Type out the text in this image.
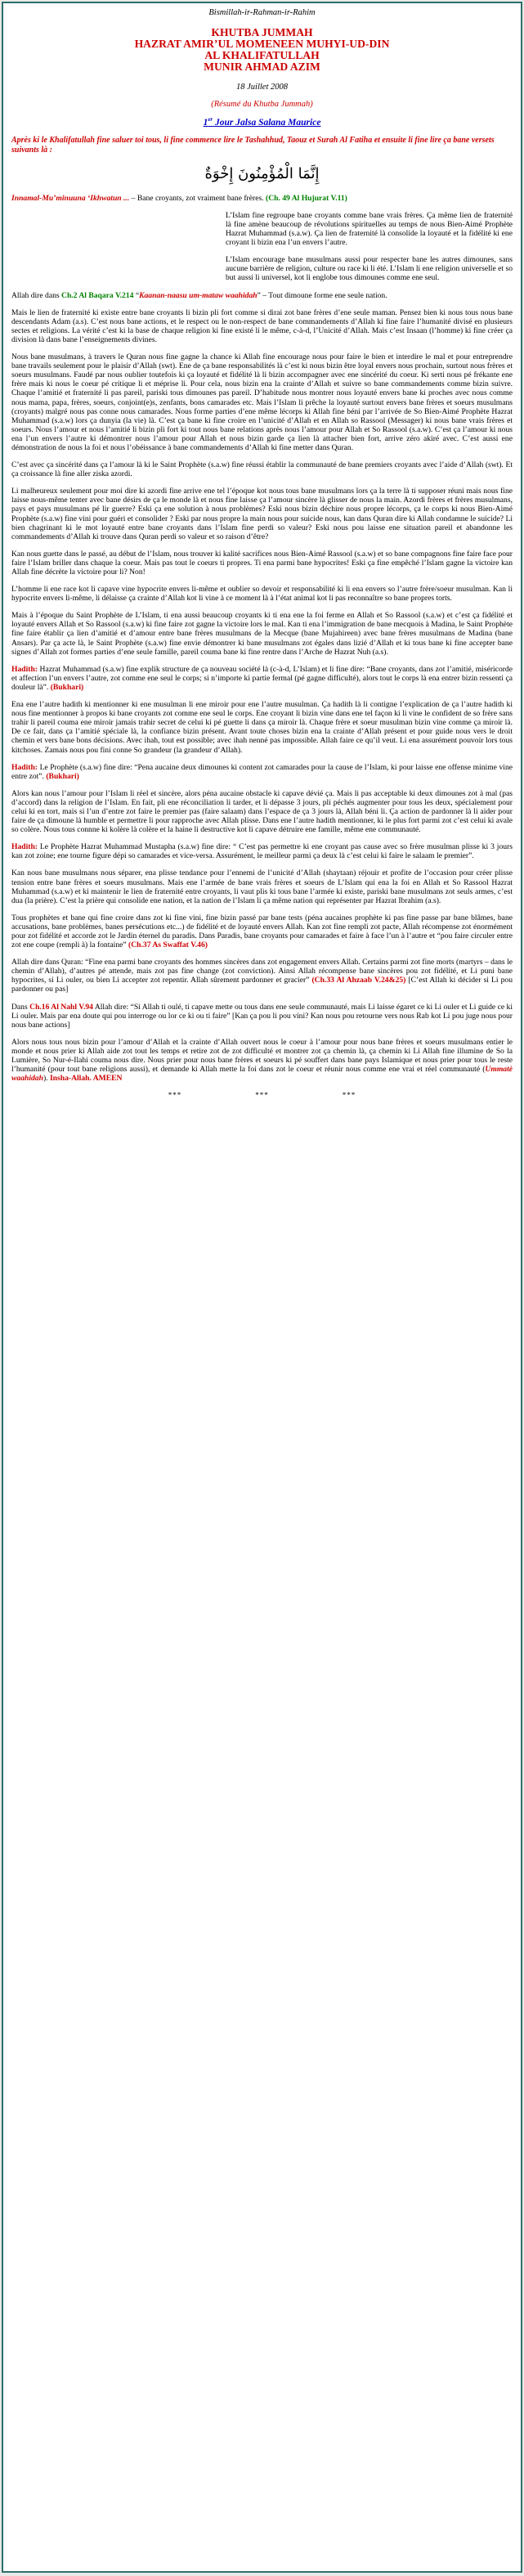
Bismillah-ir-Rahman-ir-Rahim
KHUTBA JUMMAH
HAZRAT AMIR’UL MOMENEEN MUHYI-UD-DIN
AL KHALIFATULLAH
MUNIR AHMAD AZIM
18 Juillet 2008
(Résumé du Khutba Jummah)
1er Jour Jalsa Salana Maurice
Après ki le Khalifatullah fine saluer toi tous, li fine commence lire le Tashahhud, Taouz et Surah Al Fatiha et ensuite li fine lire ça bane versets suivants là :
إِنَّمَا الْمُؤْمِنُونَ إِخْوَةٌ

Innamal-Mu’minuuna ‘Ikhwatun ... – Bane croyants, zot vraiment bane frères. (Ch. 49 Al Hujurat V.11)

L’Islam fine regroupe bane croyants comme bane vrais frères. Ça même lien de fraternité là fine amène beaucoup de révolutions spirituelles au temps de nous Bien-Aimé Prophète Hazrat Muhammad (s.a.w). Ça lien de fraternité là consolide la loyauté et la fidélité ki ene croyant li bizin ena l’un envers l’autre.

L’Islam encourage bane musulmans aussi pour respecter bane les autres dimounes, sans aucune barrière de religion, culture ou race ki li été. L’Islam li ene religion universelle et so but aussi li universel, kot li englobe tous dimounes comme ene seul.

Allah dire dans Ch.2 Al Baqara V.214 “Kaanan-naasu um-mataw waahidah” – Tout dimoune forme ene seule nation.

Mais le lien de fraternité ki existe entre bane croyants li bizin pli fort comme si dirai zot bane frères d’ene seule maman. Pensez bien ki nous tous nous bane descendants Adam (a.s). C’est nous bane actions, et le respect ou le non-respect de bane commandements d’Allah ki fine faire l’humanité divisé en plusieurs sectes et religions. La vérité c’est ki la base de chaque religion ki fine existé li le même, c-à-d, l’Unicité d’Allah. Mais c’est Insaan (l’homme) ki fine créer ça division là dans bane l’enseignements divines.

Nous bane musulmans, à travers le Quran nous fine gagne la chance ki Allah fine encourage nous pour faire le bien et interdire le mal et pour entreprendre bane travails seulement pour le plaisir d’Allah (swt). Ene de ça bane responsabilités là c’est ki nous bizin être loyal envers nous prochain, surtout nous frères et soeurs musulmans. Faudé par nous oublier toutefois ki ça loyauté et fidélité là li bizin accompagner avec ene sincérité du coeur. Ki serti nous pé frékante ene frère mais ki nous le coeur pé critique li et méprise li. Pour cela, nous bizin ena la crainte d’Allah et suivre so bane commandements comme bizin suivre. Chaque l’amitié et fraternité li pas pareil, pariski tous dimounes pas pareil. D’habitude nous montrer nous loyauté envers bane ki proches avec nous comme nous mama, papa, frères, soeurs, conjoint(e)s, zenfants, bons camarades etc. Mais l’Islam li prêche la loyauté surtout envers bane frères et soeurs musulmans (croyants) malgré nous pas conne nous camarades. Nous forme parties d’ene même lécorps ki Allah fine béni par l’arrivée de So Bien-Aimé Prophète Hazrat Muhammad (s.a.w) lors ça dunyia (la vie) là. C’est ça bane ki fine croire en l’unicité d’Allah et en Allah so Rassool (Messager) ki nous bane vrais frères et soeurs. Nous l’amour et nous l’amitié li bizin pli fort ki tout nous bane relations après nous l’amour pour Allah et So Rassool (s.a.w). C’est ça l’amour ki nous ena l’un envers l’autre ki démontrer nous l’amour pour Allah et nous bizin garde ça lien là attacher bien fort, arrive zéro akiré avec. C’est aussi ene démonstration de nous la foi et nous l’obéissance à bane commandements d’Allah ki fine metter dans Quran.

C’est avec ça sincérité dans ça l’amour là ki le Saint Prophète (s.a.w) fine réussi établir la communauté de bane premiers croyants avec l’aide d’Allah (swt). Et ça croissance là fine aller ziska azordi.

Li malheureux seulement pour moi dire ki azordi fine arrive ene tel l’époque kot nous tous bane musulmans lors ça la terre là ti supposer réuni mais nous fine laisse nous-même tenter avec bane désirs de ça le monde là et nous fine laisse ça l’amour sincère là glisser de nous la main. Azordi frères et frères musulmans, pays et pays musulmans pé lir guerre? Eski ça ene solution à nous problèmes? Eski nous bizin déchire nous propre lécorps, ça le corps ki nous Bien-Aimé Prophète (s.a.w) fine vini pour guéri et consolider ? Eski par nous propre la main nous pour suicide nous, kan dans Quran dire ki Allah condamne le suicide? Li bien chagrinant ki le mot loyauté entre bane croyants dans l’Islam fine perdi so valeur? Eski nous pou laisse ene situation pareil et abandonne les commandements d’Allah ki trouve dans Quran perdi so valeur et so raison d’être?

Kan nous guette dans le passé, au début de l’Islam, nous trouver ki kalité sacrifices nous Bien-Aimé Rassool (s.a.w) et so bane compagnons fine faire face pour faire l’Islam briller dans chaque la coeur. Mais pas tout le coeurs ti propres. Ti ena parmi bane hypocrites! Eski ça fine empêché l’Islam gagne la victoire kan Allah fine décrète la victoire pour li? Non!

L’homme li ene race kot li capave vine hypocrite envers li-même et oublier so devoir et responsabilité ki li ena envers so l’autre frère/soeur musulman. Kan li hypocrite envers li-même, li délaisse ça crainte d’Allah kot li vine à ce moment là à l’état animal kot li pas reconnaître so bane propres torts.

Mais à l’époque du Saint Prophète de L’Islam, ti ena aussi beaucoup croyants ki ti ena ene la foi ferme en Allah et So Rassool (s.a.w) et c’est ça fidélité et loyauté envers Allah et So Rassool (s.a.w) ki fine faire zot gagne la victoire lors le mal. Kan ti ena l’immigration de bane mecquois à Madina, le Saint Prophète fine faire établir ça lien d’amitié et d’amour entre bane frères musulmans de la Mecque (bane Mujahireen) avec bane frères musulmans de Madina (bane Ansars). Par ça acte là, le Saint Prophète (s.a.w) fine envie démontrer ki bane musulmans zot égales dans lizié d’Allah et ki tous bane ki fine accepter bane signes d’Allah zot formes parties d’ene seule famille, pareil couma bane ki fine rentre dans l’Arche de Hazrat Nuh (a.s).

Hadith: Hazrat Muhammad (s.a.w) fine explik structure de ça nouveau société là (c-à-d, L’Islam) et li fine dire: “Bane croyants, dans zot l’amitié, miséricorde et affection l’un envers l’autre, zot comme ene seul le corps; si n’importe ki partie fermal (pé gagne difficulté), alors tout le corps là ena entrer bizin ressenti ça douleur là”. (Bukhari)

Ena ene l’autre hadith ki mentionner ki ene musulman li ene miroir pour ene l’autre musulman. Ça hadith là li contigne l’explication de ça l’autre hadith ki nous fine mentionner à propos ki bane croyants zot comme ene seul le corps. Ene croyant li bizin vine dans ene tel façon ki li vine le confident de so frère sans trahir li pareil couma ene miroir jamais trahir secret de celui ki pé guette li dans ça miroir là. Chaque frère et soeur musulman bizin vine comme ça miroir là. De ce fait, dans ça l’amitié spéciale là, la confiance bizin présent. Avant toute choses bizin ena la crainte d’Allah présent et pour guide nous vers le droit chemin et vers bane bons décisions. Avec ihah, tout est possible; avec ihah nenné pas impossible. Allah faire ce qu’il veut. Li ena assurément pouvoir lors tous kitchoses. Zamais nous pou fini conne So grandeur (la grandeur d’Allah).

Hadith: Le Prophète (s.a.w) fine dire: “Pena aucaine deux dimounes ki content zot camarades pour la cause de l’Islam, ki pour laisse ene offense minime vine entre zot”. (Bukhari)

Alors kan nous l’amour pour l’Islam li réel et sincère, alors péna aucaine obstacle ki capave dévié ça. Mais li pas acceptable ki deux dimounes zot à mal (pas d’accord) dans la religion de l’Islam. En fait, pli ene réconciliation li tarder, et li dépasse 3 jours, pli péchés augmenter pour tous les deux, spécialement pour celui ki en tort, mais si l’un d’entre zot faire le premier pas (faire salaam) dans l’espace de ça 3 jours là, Allah béni li. Ça action de pardonner là li aider pour faire de ça dimoune là humble et permettre li pour rapproche avec Allah plisse. Dans ene l’autre hadith mentionner, ki le plus fort parmi zot c’est celui ki avale so colère. Nous tous connne ki kolère là colère et la haine li destructive kot li capave détruire ene famille, même ene communauté.

Hadith: Le Prophète Hazrat Muhammad Mustapha (s.a.w) fine dire: “ C’est pas permettre ki ene croyant pas cause avec so frère musulman plisse ki 3 jours kan zot zoine; ene tourne figure dépi so camarades et vice-versa. Assurément, le meilleur parmi ça deux là c’est celui ki faire le salaam le premier”.

Kan nous bane musulmans nous séparer, ena plisse tendance pour l’ennemi de l’unicité d’Allah (shaytaan) réjouir et profite de l’occasion pour créer plisse tension entre bane frères et soeurs musulmans. Mais ene l’armée de bane vrais frères et soeurs de L’Islam qui ena la foi en Allah et So Rassool Hazrat Muhammad (s.a.w) et ki maintenir le lien de fraternité entre croyants, li vaut plis ki tous bane l’armée ki existe, pariski bane musulmans zot seuls armes, c’est dua (la prière). C’est la prière qui consolide ene nation, et la nation de l’Islam li ça même nation qui représenter par Hazrat Ibrahim (a.s).

Tous prophètes et bane qui fine croire dans zot ki fine vini, fine bizin passé par bane tests (péna aucaines prophète ki pas fine passe par bane blâmes, bane accusations, bane problèmes, banes persécutions etc...) de fidélité et de loyauté envers Allah. Kan zot fine rempli zot pacte, Allah récompense zot énormément pour zot fidélité et accorde zot le Jardin éternel du paradis. Dans Paradis, bane croyants pour camarades et faire à face l’un à l’autre et “pou faire circuler entre zot ene coupe (rempli à) la fontaine” (Ch.37 As Swaffat V.46)

Allah dire dans Quran: “Fine ena parmi bane croyants des hommes sincères dans zot engagement envers Allah. Certains parmi zot fine morts (martyrs – dans le chemin d’Allah), d’autres pé attende, mais zot pas fine change (zot conviction). Ainsi Allah récompense bane sincères pou zot fidélité, et Li puni bane hypocrites, si Li ouler, ou bien Li accepter zot repentir. Allah sûrement pardonner et gracier” (Ch.33 Al Ahzaab V.24&25) [C’est Allah ki décider si Li pou pardonner ou pas]

Dans Ch.16 Al Nahl V.94 Allah dire: “Si Allah ti oulé, ti capave mette ou tous dans ene seule communauté, mais Li laisse égaret ce ki Li ouler et Li guide ce ki Li ouler. Mais par ena doute qui pou interroge ou lor ce ki ou ti faire” [Kan ça pou li pou vini? Kan nous pou retourne vers nous Rab kot Li pou juge nous pour nous bane actions]

Alors nous tous nous bizin pour l’amour d’Allah et la crainte d’Allah ouvert nous le coeur à l’amour pour nous bane frères et soeurs musulmans entier le monde et nous prier ki Allah aide zot tout les temps et retire zot de zot difficulté et montrer zot ça chemin là, ça chemin ki Li Allah fine illumine de So la Lumière, So Nur-é-Ilahi couma nous dire. Nous prier pour nous bane frères et soeurs ki pé souffert dans bane pays Islamique et nous prier pour tous le reste l’humanité (pour tout bane religions aussi), et demande ki Allah mette la foi dans zot le coeur et réunir nous comme ene vrai et réel communauté (Ummatè waahidah). Insha-Allah. AMEEN

***	***	***
